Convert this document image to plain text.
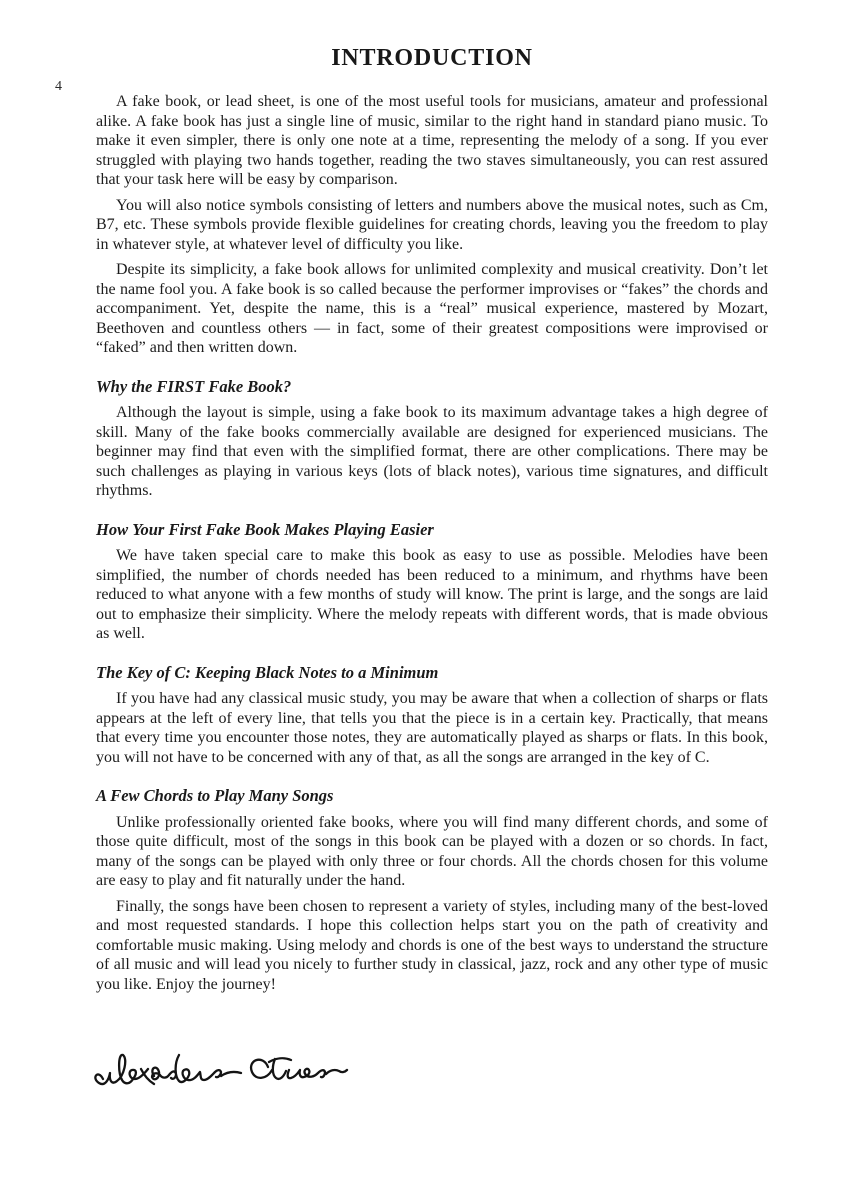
4
INTRODUCTION

A fake book, or lead sheet, is one of the most useful tools for musicians, amateur and professional alike. A fake book has just a single line of music, similar to the right hand in standard piano music. To make it even simpler, there is only one note at a time, representing the melody of a song. If you ever struggled with playing two hands together, reading the two staves simultaneously, you can rest assured that your task here will be easy by comparison.

You will also notice symbols consisting of letters and numbers above the musical notes, such as Cm, B7, etc. These symbols provide flexible guidelines for creating chords, leaving you the freedom to play in whatever style, at whatever level of difficulty you like.

Despite its simplicity, a fake book allows for unlimited complexity and musical creativity. Don’t let the name fool you. A fake book is so called because the performer improvises or “fakes” the chords and accompaniment. Yet, despite the name, this is a “real” musical experience, mastered by Mozart, Beethoven and countless others — in fact, some of their greatest compositions were improvised or “faked” and then written down.

Why the FIRST Fake Book?

Although the layout is simple, using a fake book to its maximum advantage takes a high degree of skill. Many of the fake books commercially available are designed for experienced musicians. The beginner may find that even with the simplified format, there are other complications. There may be such challenges as playing in various keys (lots of black notes), various time signatures, and difficult rhythms.

How Your First Fake Book Makes Playing Easier

We have taken special care to make this book as easy to use as possible. Melodies have been simplified, the number of chords needed has been reduced to a minimum, and rhythms have been reduced to what anyone with a few months of study will know. The print is large, and the songs are laid out to emphasize their simplicity. Where the melody repeats with different words, that is made obvious as well.

The Key of C: Keeping Black Notes to a Minimum

If you have had any classical music study, you may be aware that when a collection of sharps or flats appears at the left of every line, that tells you that the piece is in a certain key. Practically, that means that every time you encounter those notes, they are automatically played as sharps or flats. In this book, you will not have to be concerned with any of that, as all the songs are arranged in the key of C.

A Few Chords to Play Many Songs

Unlike professionally oriented fake books, where you will find many different chords, and some of those quite difficult, most of the songs in this book can be played with a dozen or so chords. In fact, many of the songs can be played with only three or four chords. All the chords chosen for this volume are easy to play and fit naturally under the hand.

Finally, the songs have been chosen to represent a variety of styles, including many of the best-loved and most requested standards. I hope this collection helps start you on the path of creativity and comfortable music making. Using melody and chords is one of the best ways to understand the structure of all music and will lead you nicely to further study in classical, jazz, rock and any other type of music you like. Enjoy the journey!
